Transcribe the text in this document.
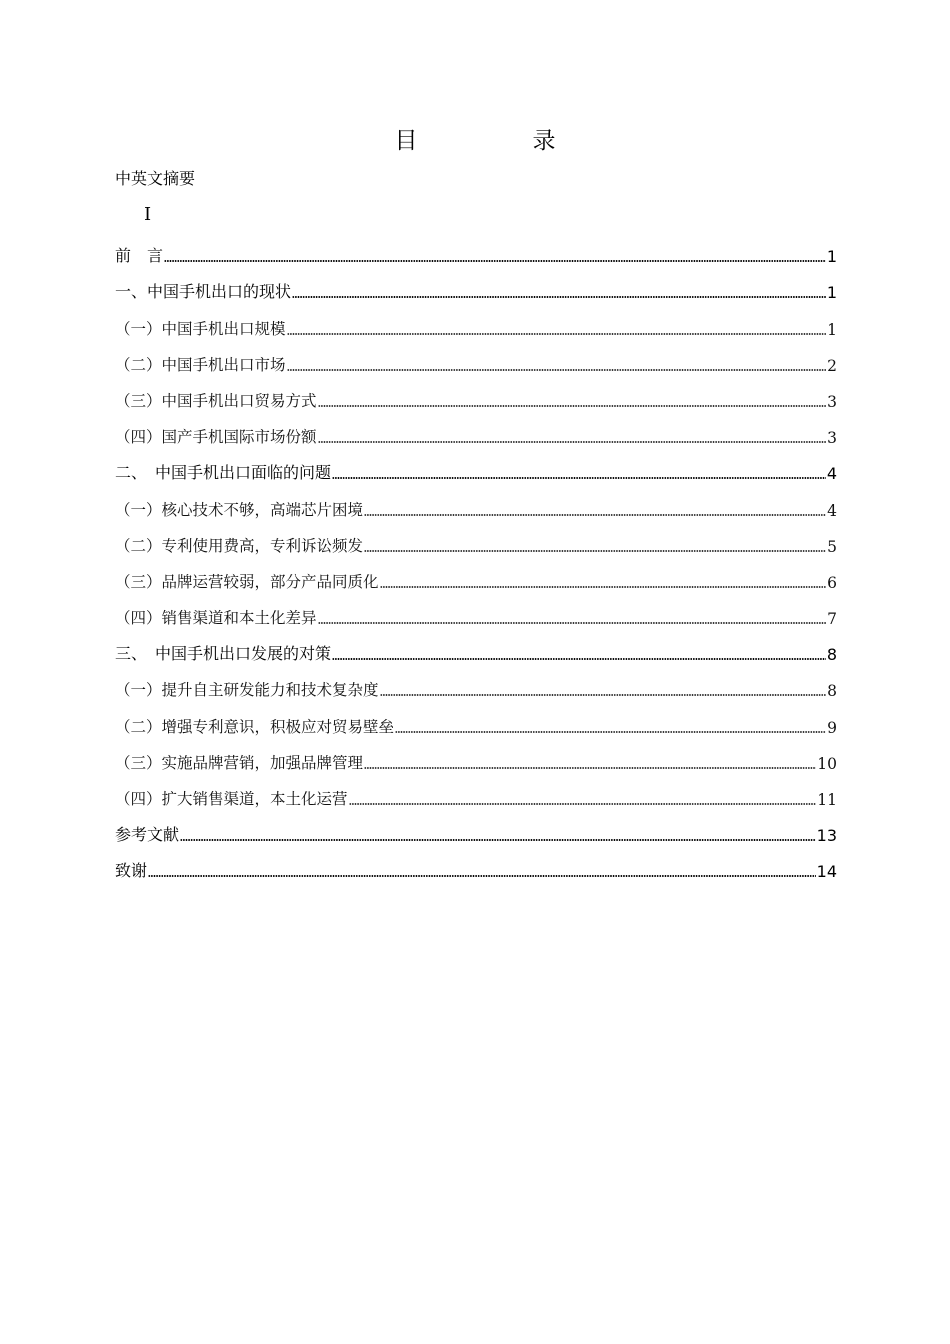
目　录
中英文摘要
I
前　言	1
一、中国手机出口的现状	1
（一）中国手机出口规模	1
（二）中国手机出口市场	2
（三）中国手机出口贸易方式	3
（四）国产手机国际市场份额	3
二、　中国手机出口面临的问题	4
（一）核心技术不够，高端芯片困境	4
（二）专利使用费高，专利诉讼频发	5
（三）品牌运营较弱，部分产品同质化	6
（四）销售渠道和本土化差异	7
三、　中国手机出口发展的对策	8
（一）提升自主研发能力和技术复杂度	8
（二）增强专利意识，积极应对贸易壁垒	9
（三）实施品牌营销，加强品牌管理	10
（四）扩大销售渠道，本土化运营	11
参考文献	13
致谢	14
